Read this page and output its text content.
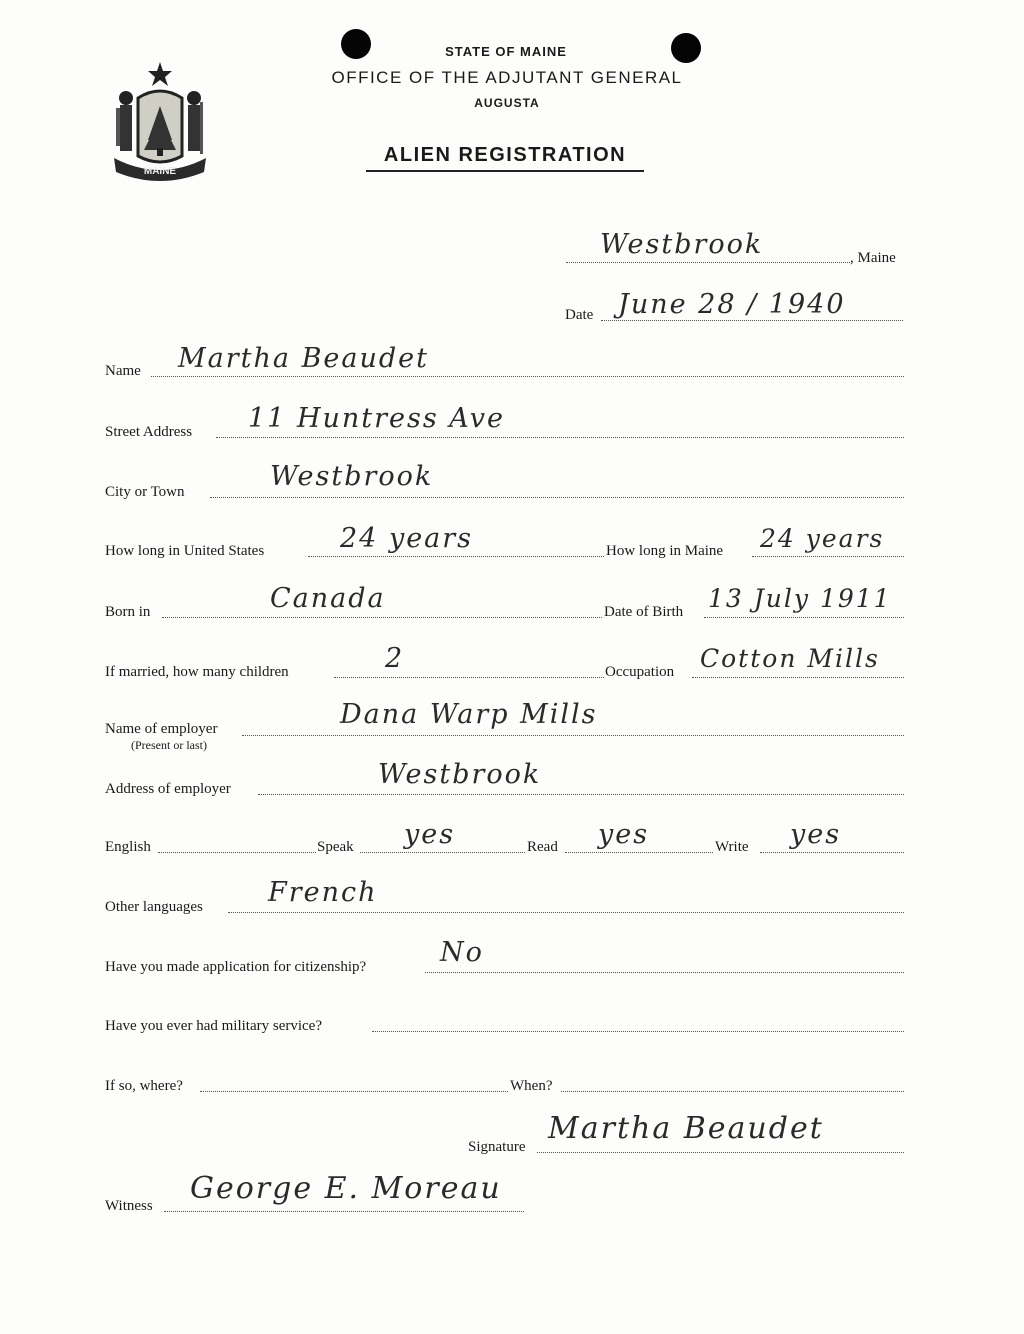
MAINE
STATE OF MAINE
OFFICE OF THE ADJUTANT GENERAL
AUGUSTA
ALIEN REGISTRATION
Westbrook	, Maine
Date June 28 / 1940
Name Martha Beaudet
Street Address 11 Huntress Ave
City or Town	Westbrook
How long in United States	24 years	How long in Maine 24 years
Born in	Canada	Date of Birth 13 July 1911
If married, how many children	2	Occupation Cotton Mills
Name of employer
(Present or last)
Dana Warp Mills
Address of employer	Westbrook
English	Speak yes	Read yes	Write yes
Other languages French
Have you made application for citizenship?	No
Have you ever had military service?
If so, where?	When?
Signature
Martha Beaudet
Witness George E. Moreau
